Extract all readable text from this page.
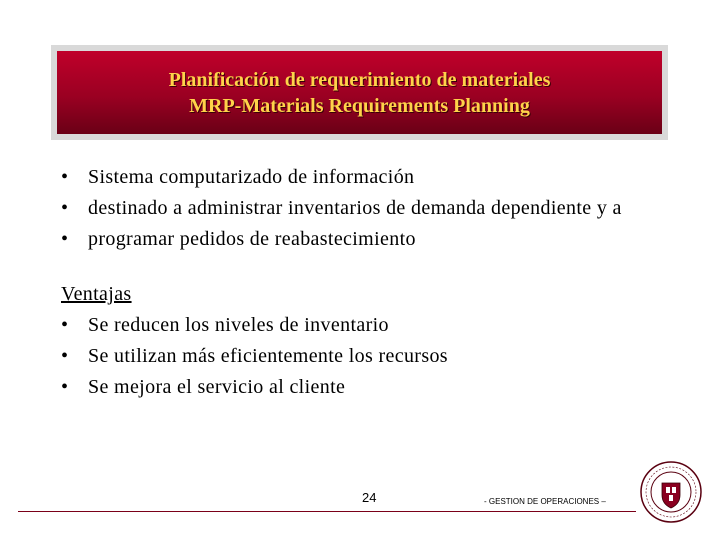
Planificación de requerimiento de materiales
MRP-Materials Requirements Planning
• Sistema computarizado de información
• destinado a administrar inventarios de demanda dependiente y a
• programar pedidos de reabastecimiento
Ventajas
• Se reducen los niveles de inventario
• Se utilizan más eficientemente los recursos
• Se mejora el servicio al cliente
24	- GESTION DE OPERACIONES –
